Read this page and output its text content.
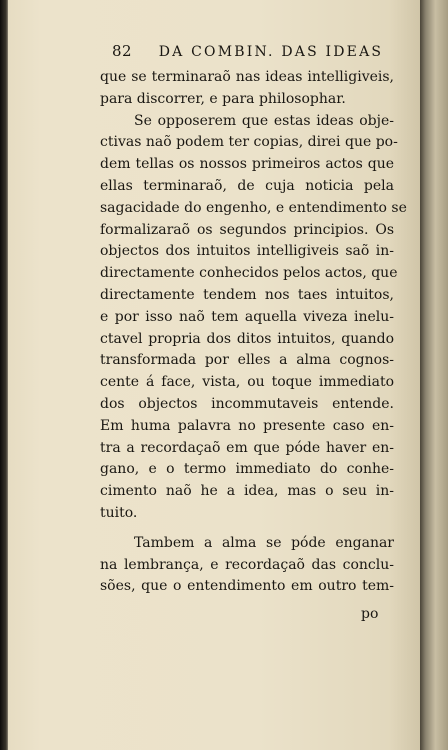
82 DA COMBIN. DAS IDEAS
que se terminaraõ nas ideas intelligiveis,
para discorrer, e para philosophar.
Se opposerem que estas ideas obje-
ctivas naõ podem ter copias, direi que po-
dem tellas os nossos primeiros actos que
ellas terminaraõ, de cuja noticia pela
sagacidade do engenho, e entendimento se
formalizaraõ os segundos principios. Os
objectos dos intuitos intelligiveis saõ in-
directamente conhecidos pelos actos, que
directamente tendem nos taes intuitos,
e por isso naõ tem aquella viveza inelu-
ctavel propria dos ditos intuitos, quando
transformada por elles a alma cognos-
cente á face, vista, ou toque immediato
dos objectos incommutaveis entende.
Em huma palavra no presente caso en-
tra a recordaçaõ em que póde haver en-
gano, e o termo immediato do conhe-
cimento naõ he a idea, mas o seu in-
tuito.
Tambem a alma se póde enganar
na lembrança, e recordaçaõ das conclu-
sões, que o entendimento em outro tem-
po
